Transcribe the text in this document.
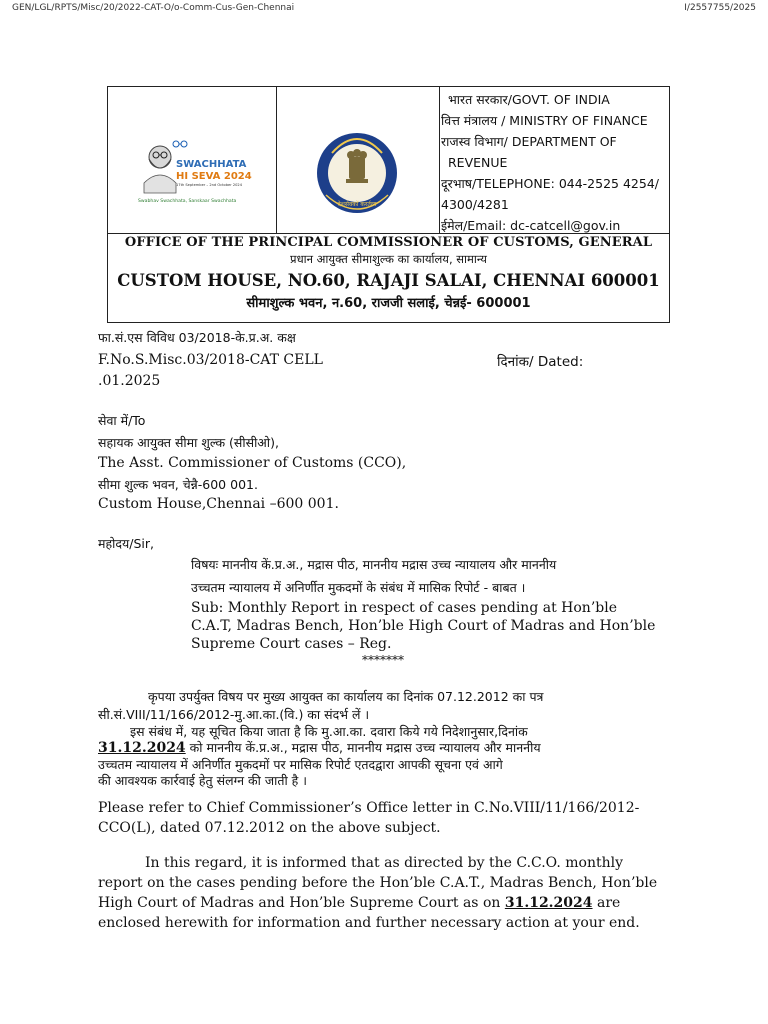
GEN/LGL/RPTS/Misc/20/2022-CAT-O/o-Comm-Cus-Gen-Chennai	I/2557755/2025
SWACHHATA
HI SEVA 2024
17th September – 2nd October 2024
Swabhav Swachhata, Sanskaar Swachhata	देशसेवकों करर्तव्य
भारत सरकार/GOVT. OF INDIA
वित्त मंत्रालय / MINISTRY OF FINANCE
राजस्व विभाग/ DEPARTMENT OF
REVENUE
दूरभाष/TELEPHONE: 044-2525 4254/
4300/4281
ईमेल/Email: dc-catcell@gov.in
OFFICE OF THE PRINCIPAL COMMISSIONER OF CUSTOMS, GENERAL
प्रधान आयुक्त सीमाशुल्क का कार्यालय, सामान्य
CUSTOM HOUSE, NO.60, RAJAJI SALAI, CHENNAI 600001
सीमाशुल्क भवन, न.60, राजजी सलाई, चेन्नई- 600001
फा.सं.एस विविध 03/2018-के.प्र.अ. कक्ष
F.No.S.Misc.03/2018-CAT CELL	दिनांक/ Dated:
.01.2025
सेवा में/To
सहायक आयुक्त सीमा शुल्क (सीसीओ),
The Asst. Commissioner of Customs (CCO),
सीमा शुल्क भवन, चेन्नै-600 001.
Custom House,Chennai –600 001.
महोदय/Sir,
विषयः माननीय कें.प्र.अ., मद्रास पीठ, माननीय मद्रास उच्च न्यायालय और माननीय
उच्चतम न्यायालय में अनिर्णीत मुकदमों के संबंध में मासिक रिपोर्ट - बाबत ।
Sub: Monthly Report in respect of cases pending at Hon’ble
C.A.T, Madras Bench, Hon’ble High Court of Madras and Hon’ble
Supreme Court cases – Reg.
*******
कृपया उपर्युक्त विषय पर मुख्य आयुक्त का कार्यालय का दिनांक 07.12.2012 का पत्र
सी.सं.VIII/11/166/2012-मु.आ.का.(वि.) का संदर्भ लें ।
इस संबंध में, यह सूचित किया जाता है कि मु.आ.का. दवारा किये गये निदेशानुसार,दिनांक
31.12.2024 को माननीय कें.प्र.अ., मद्रास पीठ, माननीय मद्रास उच्च न्यायालय और माननीय
उच्चतम न्यायालय में अनिर्णीत मुकदमों पर मासिक रिपोर्ट एतदद्वारा आपकी सूचना एवं आगे
की आवश्यक कार्रवाई हेतु संलग्न की जाती है ।
Please refer to Chief Commissioner’s Office letter in C.No.VIII/11/166/2012-
CCO(L), dated 07.12.2012 on the above subject.
In this regard, it is informed that as directed by the C.C.O. monthly
report on the cases pending before the Hon’ble C.A.T., Madras Bench, Hon’ble
High Court of Madras and Hon’ble Supreme Court as on 31.12.2024 are
enclosed herewith for information and further necessary action at your end.
